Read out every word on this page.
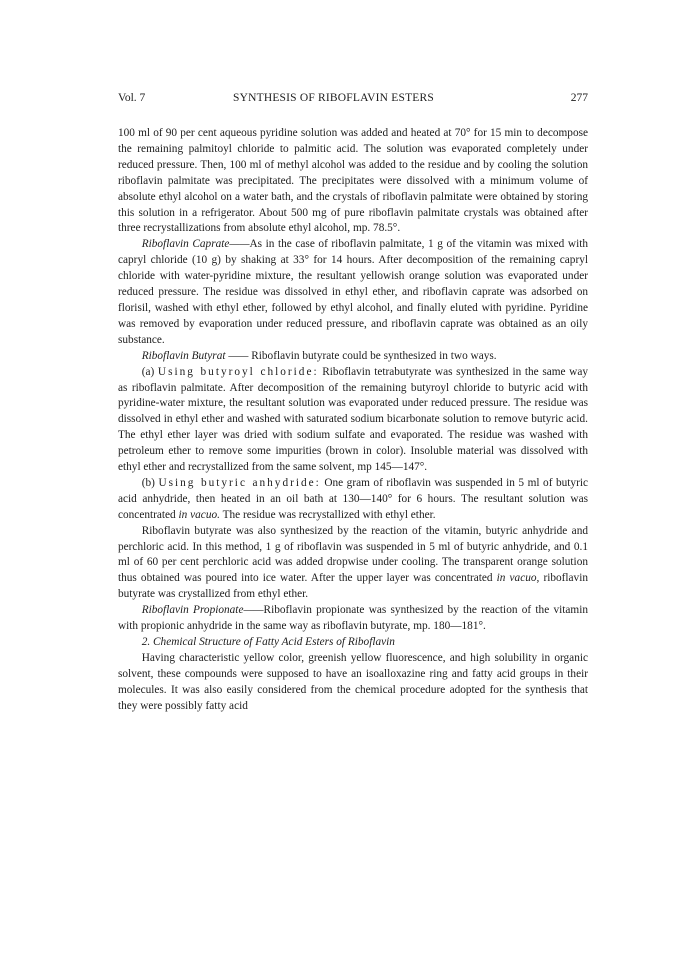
Vol. 7	SYNTHESIS OF RIBOFLAVIN ESTERS	277

100 ml of 90 per cent aqueous pyridine solution was added and heated at 70° for 15 min to decompose the remaining palmitoyl chloride to palmitic acid. The solution was evaporated completely under reduced pressure. Then, 100 ml of methyl alcohol was added to the residue and by cooling the solution riboflavin palmitate was precipitated. The precipitates were dissolved with a minimum volume of absolute ethyl alcohol on a water bath, and the crystals of riboflavin palmitate were obtained by storing this solution in a refrigerator. About 500 mg of pure riboflavin palmitate crystals was obtained after three recrystallizations from absolute ethyl alcohol, mp. 78.5°.

Riboflavin Caprate——As in the case of riboflavin palmitate, 1 g of the vitamin was mixed with capryl chloride (10 g) by shaking at 33° for 14 hours. After decomposition of the remaining capryl chloride with water-pyridine mixture, the resultant yellowish orange solution was evaporated under reduced pressure. The residue was dissolved in ethyl ether, and riboflavin caprate was adsorbed on florisil, washed with ethyl ether, followed by ethyl alcohol, and finally eluted with pyridine. Pyridine was removed by evaporation under reduced pressure, and riboflavin caprate was obtained as an oily substance.

Riboflavin Butyrat —— Riboflavin butyrate could be synthesized in two ways.

(a) Using butyroyl chloride: Riboflavin tetrabutyrate was synthesized in the same way as riboflavin palmitate. After decomposition of the remaining butyroyl chloride to butyric acid with pyridine-water mixture, the resultant solution was evaporated under reduced pressure. The residue was dissolved in ethyl ether and washed with saturated sodium bicarbonate solution to remove butyric acid. The ethyl ether layer was dried with sodium sulfate and evaporated. The residue was washed with petroleum ether to remove some impurities (brown in color). Insoluble material was dissolved with ethyl ether and recrystallized from the same solvent, mp 145—147°.

(b) Using butyric anhydride: One gram of riboflavin was suspended in 5 ml of butyric acid anhydride, then heated in an oil bath at 130—140° for 6 hours. The resultant solution was concentrated in vacuo. The residue was recrystallized with ethyl ether.

Riboflavin butyrate was also synthesized by the reaction of the vitamin, butyric anhydride and perchloric acid. In this method, 1 g of riboflavin was suspended in 5 ml of butyric anhydride, and 0.1 ml of 60 per cent perchloric acid was added dropwise under cooling. The transparent orange solution thus obtained was poured into ice water. After the upper layer was concentrated in vacuo, riboflavin butyrate was crystallized from ethyl ether.

Riboflavin Propionate——Riboflavin propionate was synthesized by the reaction of the vitamin with propionic anhydride in the same way as riboflavin butyrate, mp. 180—181°.

2. Chemical Structure of Fatty Acid Esters of Riboflavin

Having characteristic yellow color, greenish yellow fluorescence, and high solubility in organic solvent, these compounds were supposed to have an isoalloxazine ring and fatty acid groups in their molecules. It was also easily considered from the chemical procedure adopted for the synthesis that they were possibly fatty acid
